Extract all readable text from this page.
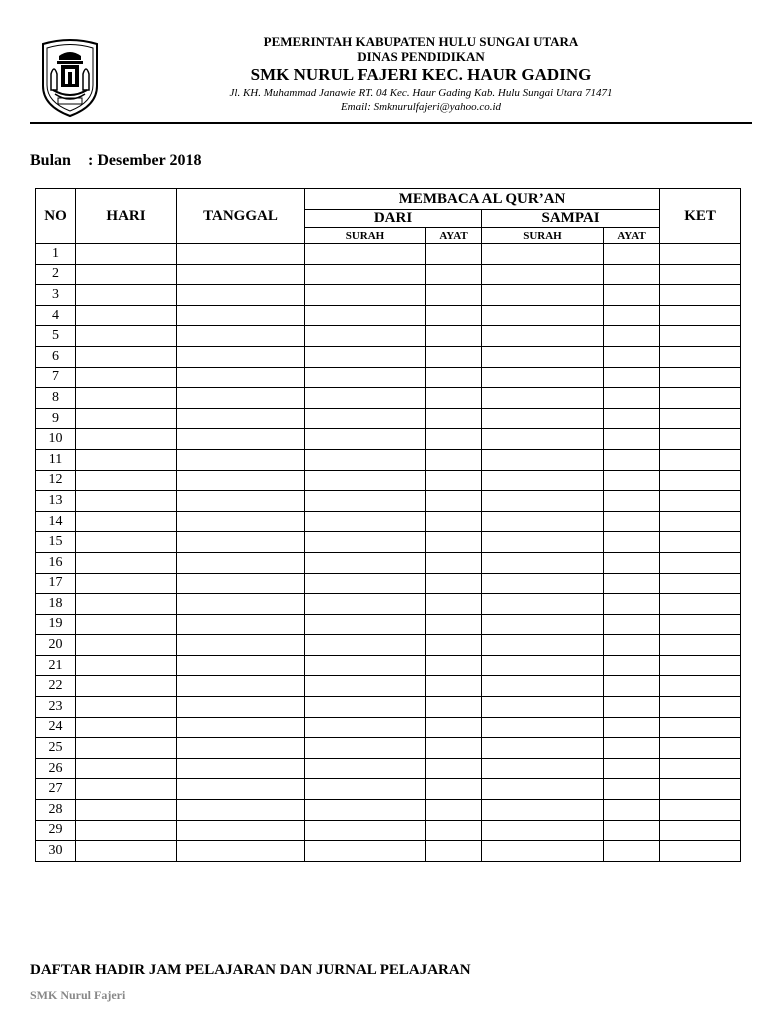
PEMERINTAH KABUPATEN HULU SUNGAI UTARA
DINAS PENDIDIKAN
SMK NURUL FAJERI KEC. HAUR GADING
Jl. KH. Muhammad Janawie RT. 04 Kec. Haur Gading Kab. Hulu Sungai Utara 71471
Email: Smknurulfajeri@yahoo.co.id
Bulan : Desember 2018
NO	HARI	TANGGAL	MEMBACA AL QUR’AN				KET
			DARI		SAMPAI		
			SURAH	AYAT	SURAH	AYAT	
1							
2							
3							
4							
5							
6							
7							
8							
9							
10							
11							
12							
13							
14							
15							
16							
17							
18							
19							
20							
21							
22							
23							
24							
25							
26							
27							
28							
29							
30							
DAFTAR HADIR JAM PELAJARAN DAN JURNAL PELAJARAN
SMK Nurul Fajeri
